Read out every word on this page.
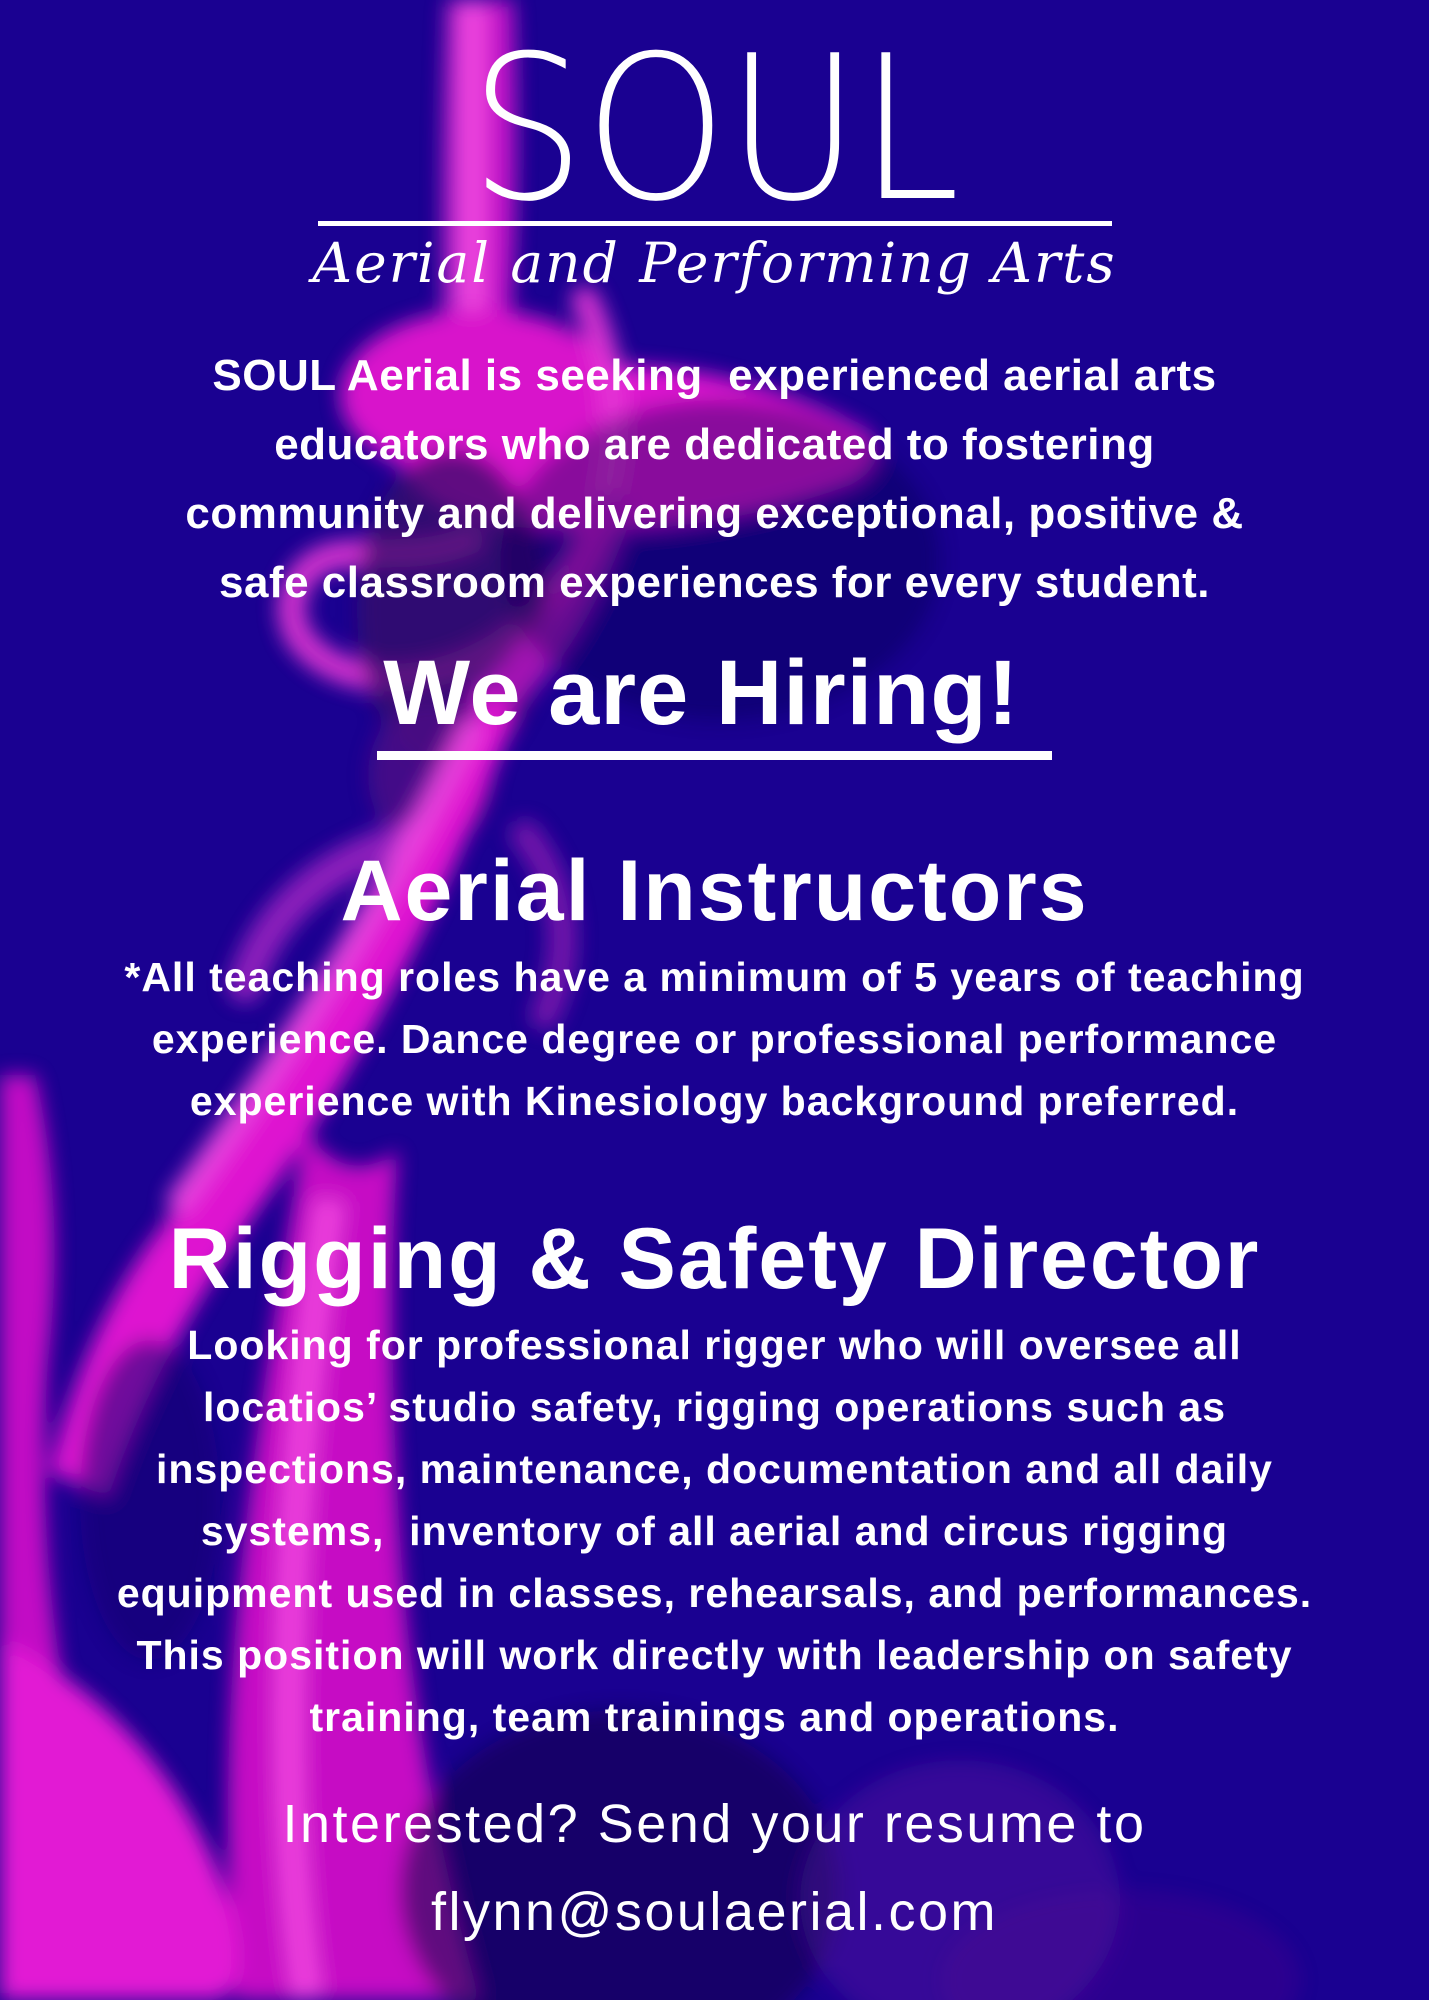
SOUL
Aerial and Performing Arts
SOUL Aerial is seeking  experienced aerial arts
educators who are dedicated to fostering
community and delivering exceptional, positive &
safe classroom experiences for every student.
We are Hiring!
Aerial Instructors
*All teaching roles have a minimum of 5 years of teaching
experience. Dance degree or professional performance
experience with Kinesiology background preferred.
Rigging & Safety Director
Looking for professional rigger who will oversee all
locatios’ studio safety, rigging operations such as
inspections, maintenance, documentation and all daily
systems,  inventory of all aerial and circus rigging
equipment used in classes, rehearsals, and performances.
This position will work directly with leadership on safety
training, team trainings and operations.
Interested? Send your resume to
flynn@soulaerial.com
